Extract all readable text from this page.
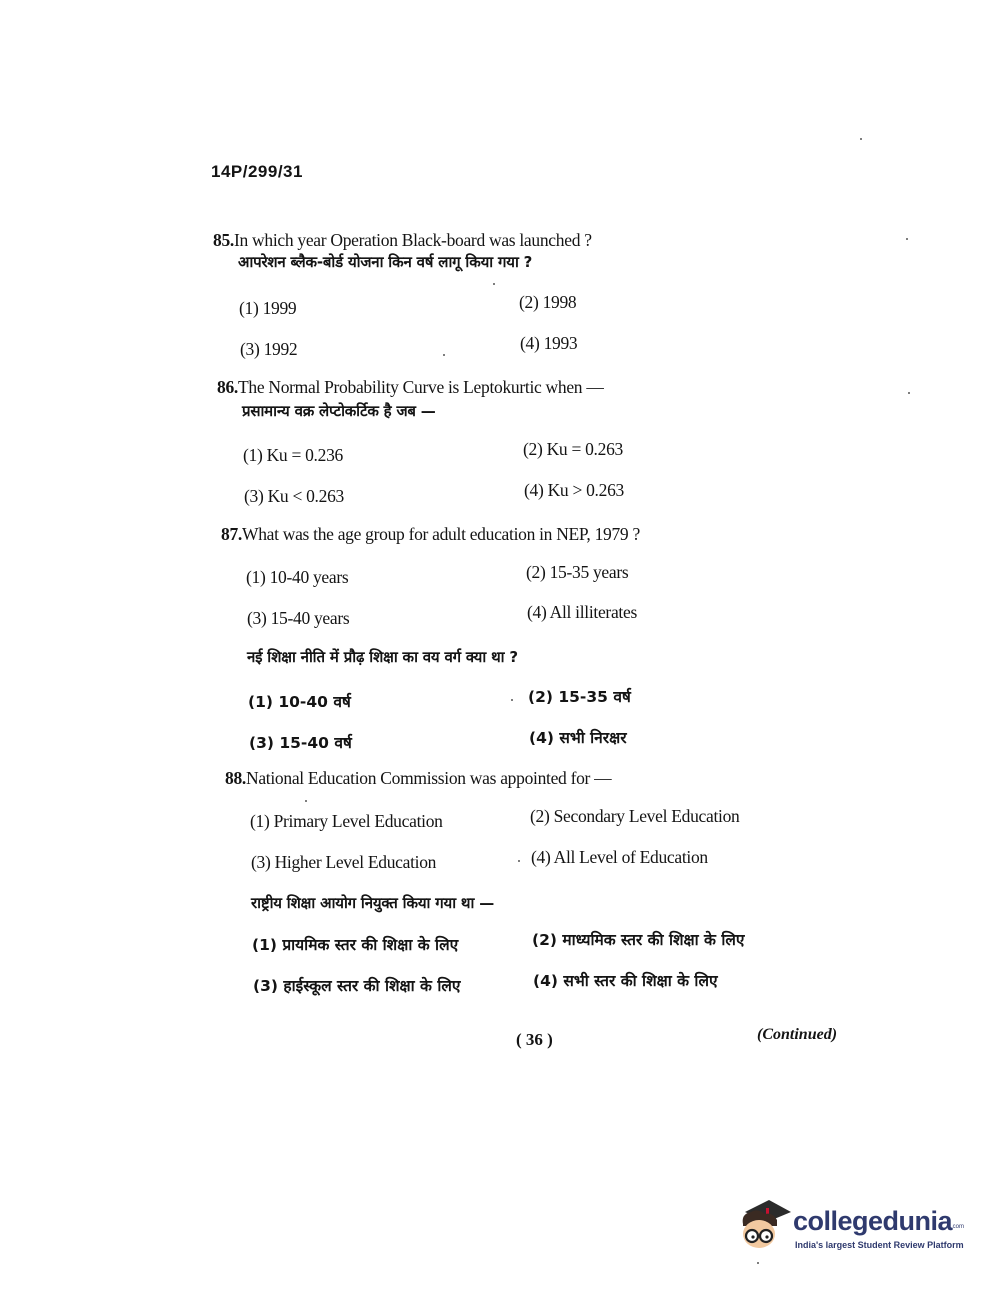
14P/299/31
85.In which year Operation Black-board was launched ?
आपरेशन ब्लैक-बोर्ड योजना किन वर्ष लागू किया गया ?
(1) 1999	(2) 1998
(3) 1992	(4) 1993
86.The Normal Probability Curve is Leptokurtic when —
प्रसामान्य वक्र लेप्टोकर्टिक है जब —
(1) Ku = 0.236	(2) Ku = 0.263
(3) Ku < 0.263	(4) Ku > 0.263
87.What was the age group for adult education in NEP, 1979 ?
(1) 10-40 years	(2) 15-35 years
(3) 15-40 years	(4) All illiterates
नई शिक्षा नीति में प्रौढ़ शिक्षा का वय वर्ग क्या था ?
(1) 10-40 वर्ष	(2) 15-35 वर्ष
(3) 15-40 वर्ष	(4) सभी निरक्षर
88.National Education Commission was appointed for —
(1) Primary Level Education	(2) Secondary Level Education
(3) Higher Level Education	(4) All Level of Education
राष्ट्रीय शिक्षा आयोग नियुक्त किया गया था —
(1) प्रायमिक स्तर की शिक्षा के लिए	(2) माध्यमिक स्तर की शिक्षा के लिए
(3) हाईस्कूल स्तर की शिक्षा के लिए	(4) सभी स्तर की शिक्षा के लिए
( 36 )	(Continued)
collegedunia
.com
India's largest Student Review Platform
